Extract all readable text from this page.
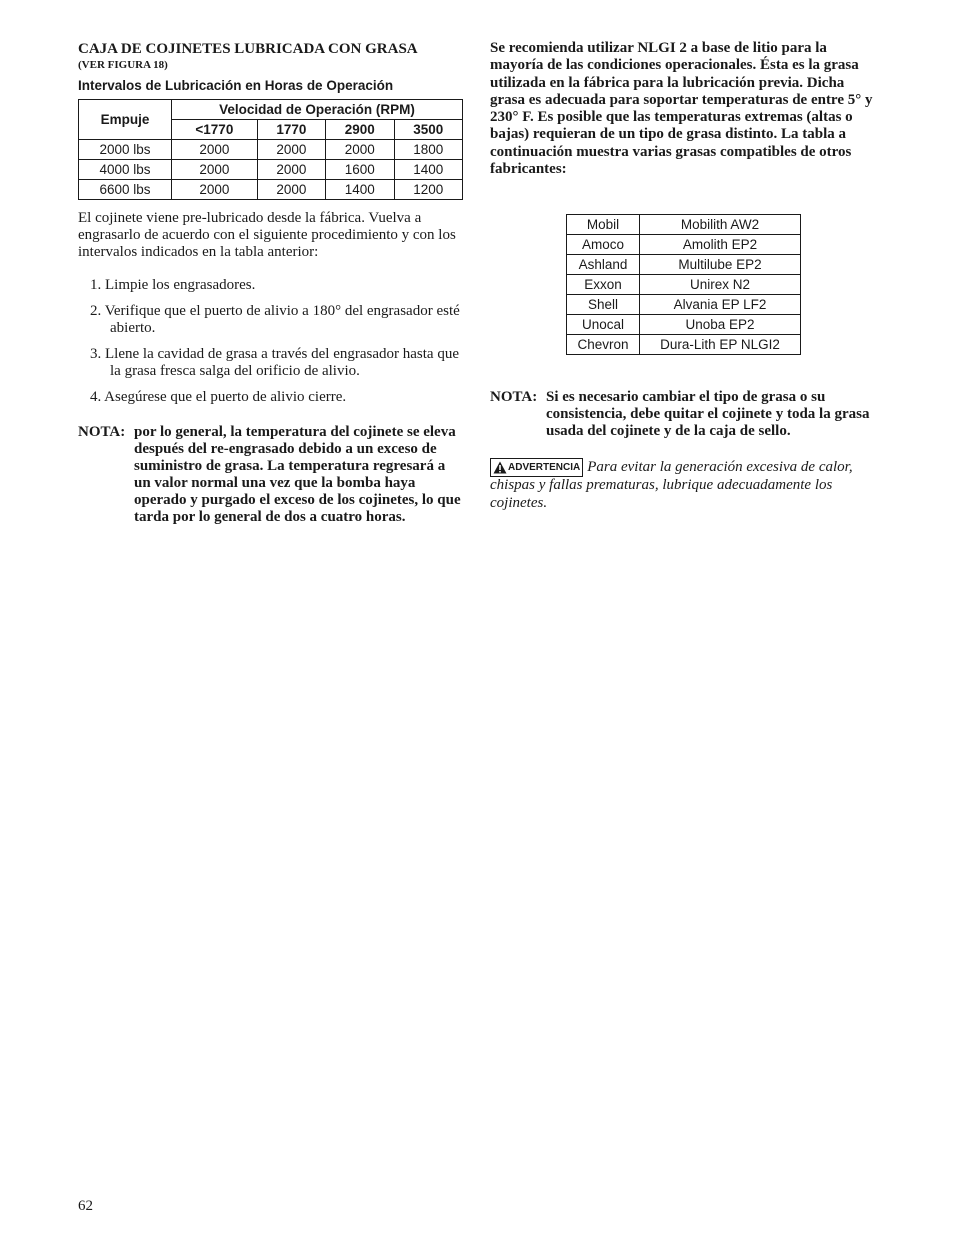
CAJA DE COJINETES LUBRICADA CON GRASA

(VER FIGURA 18)

Intervalos de Lubricación en Horas de Operación

Empuje	Velocidad de Operación (RPM)			
	<1770	1770	2900	3500
2000 lbs	2000	2000	2000	1800
4000 lbs	2000	2000	1600	1400
6600 lbs	2000	2000	1400	1200

El cojinete viene pre-lubricado desde la fábrica. Vuelva a engrasarlo de acuerdo con el siguiente procedimiento y con los intervalos indicados en la tabla anterior:

1. Limpie los engrasadores.
2. Verifique que el puerto de alivio a 180° del engrasador esté abierto.
3. Llene la cavidad de grasa a través del engrasador hasta que la grasa fresca salga del orificio de alivio.
4. Asegúrese que el puerto de alivio cierre.
NOTA: por lo general, la temperatura del cojinete se eleva después del re-engrasado debido a un exceso de suministro de grasa. La temperatura regresará a un valor normal una vez que la bomba haya operado y purgado el exceso de los cojinetes, lo que tarda por lo general de dos a cuatro horas.

Se recomienda utilizar NLGI 2 a base de litio para la mayoría de las condiciones operacionales. Ésta es la grasa utilizada en la fábrica para la lubricación previa. Dicha grasa es adecuada para soportar temperaturas de entre 5° y 230° F. Es posible que las temperaturas extremas (altas o bajas) requieran de un tipo de grasa distinto. La tabla a continuación muestra varias grasas compatibles de otros fabricantes:

Mobil	Mobilith AW2
Amoco	Amolith EP2
Ashland	Multilube EP2
Exxon	Unirex N2
Shell	Alvania EP LF2
Unocal	Unoba EP2
Chevron	Dura-Lith EP NLGI2
NOTA: Si es necesario cambiar el tipo de grasa o su consistencia, debe quitar el cojinete y toda la grasa usada del cojinete y de la caja de sello.
ADVERTENCIA Para evitar la generación excesiva de calor, chispas y fallas prematuras, lubrique adecuadamente los cojinetes.
62
